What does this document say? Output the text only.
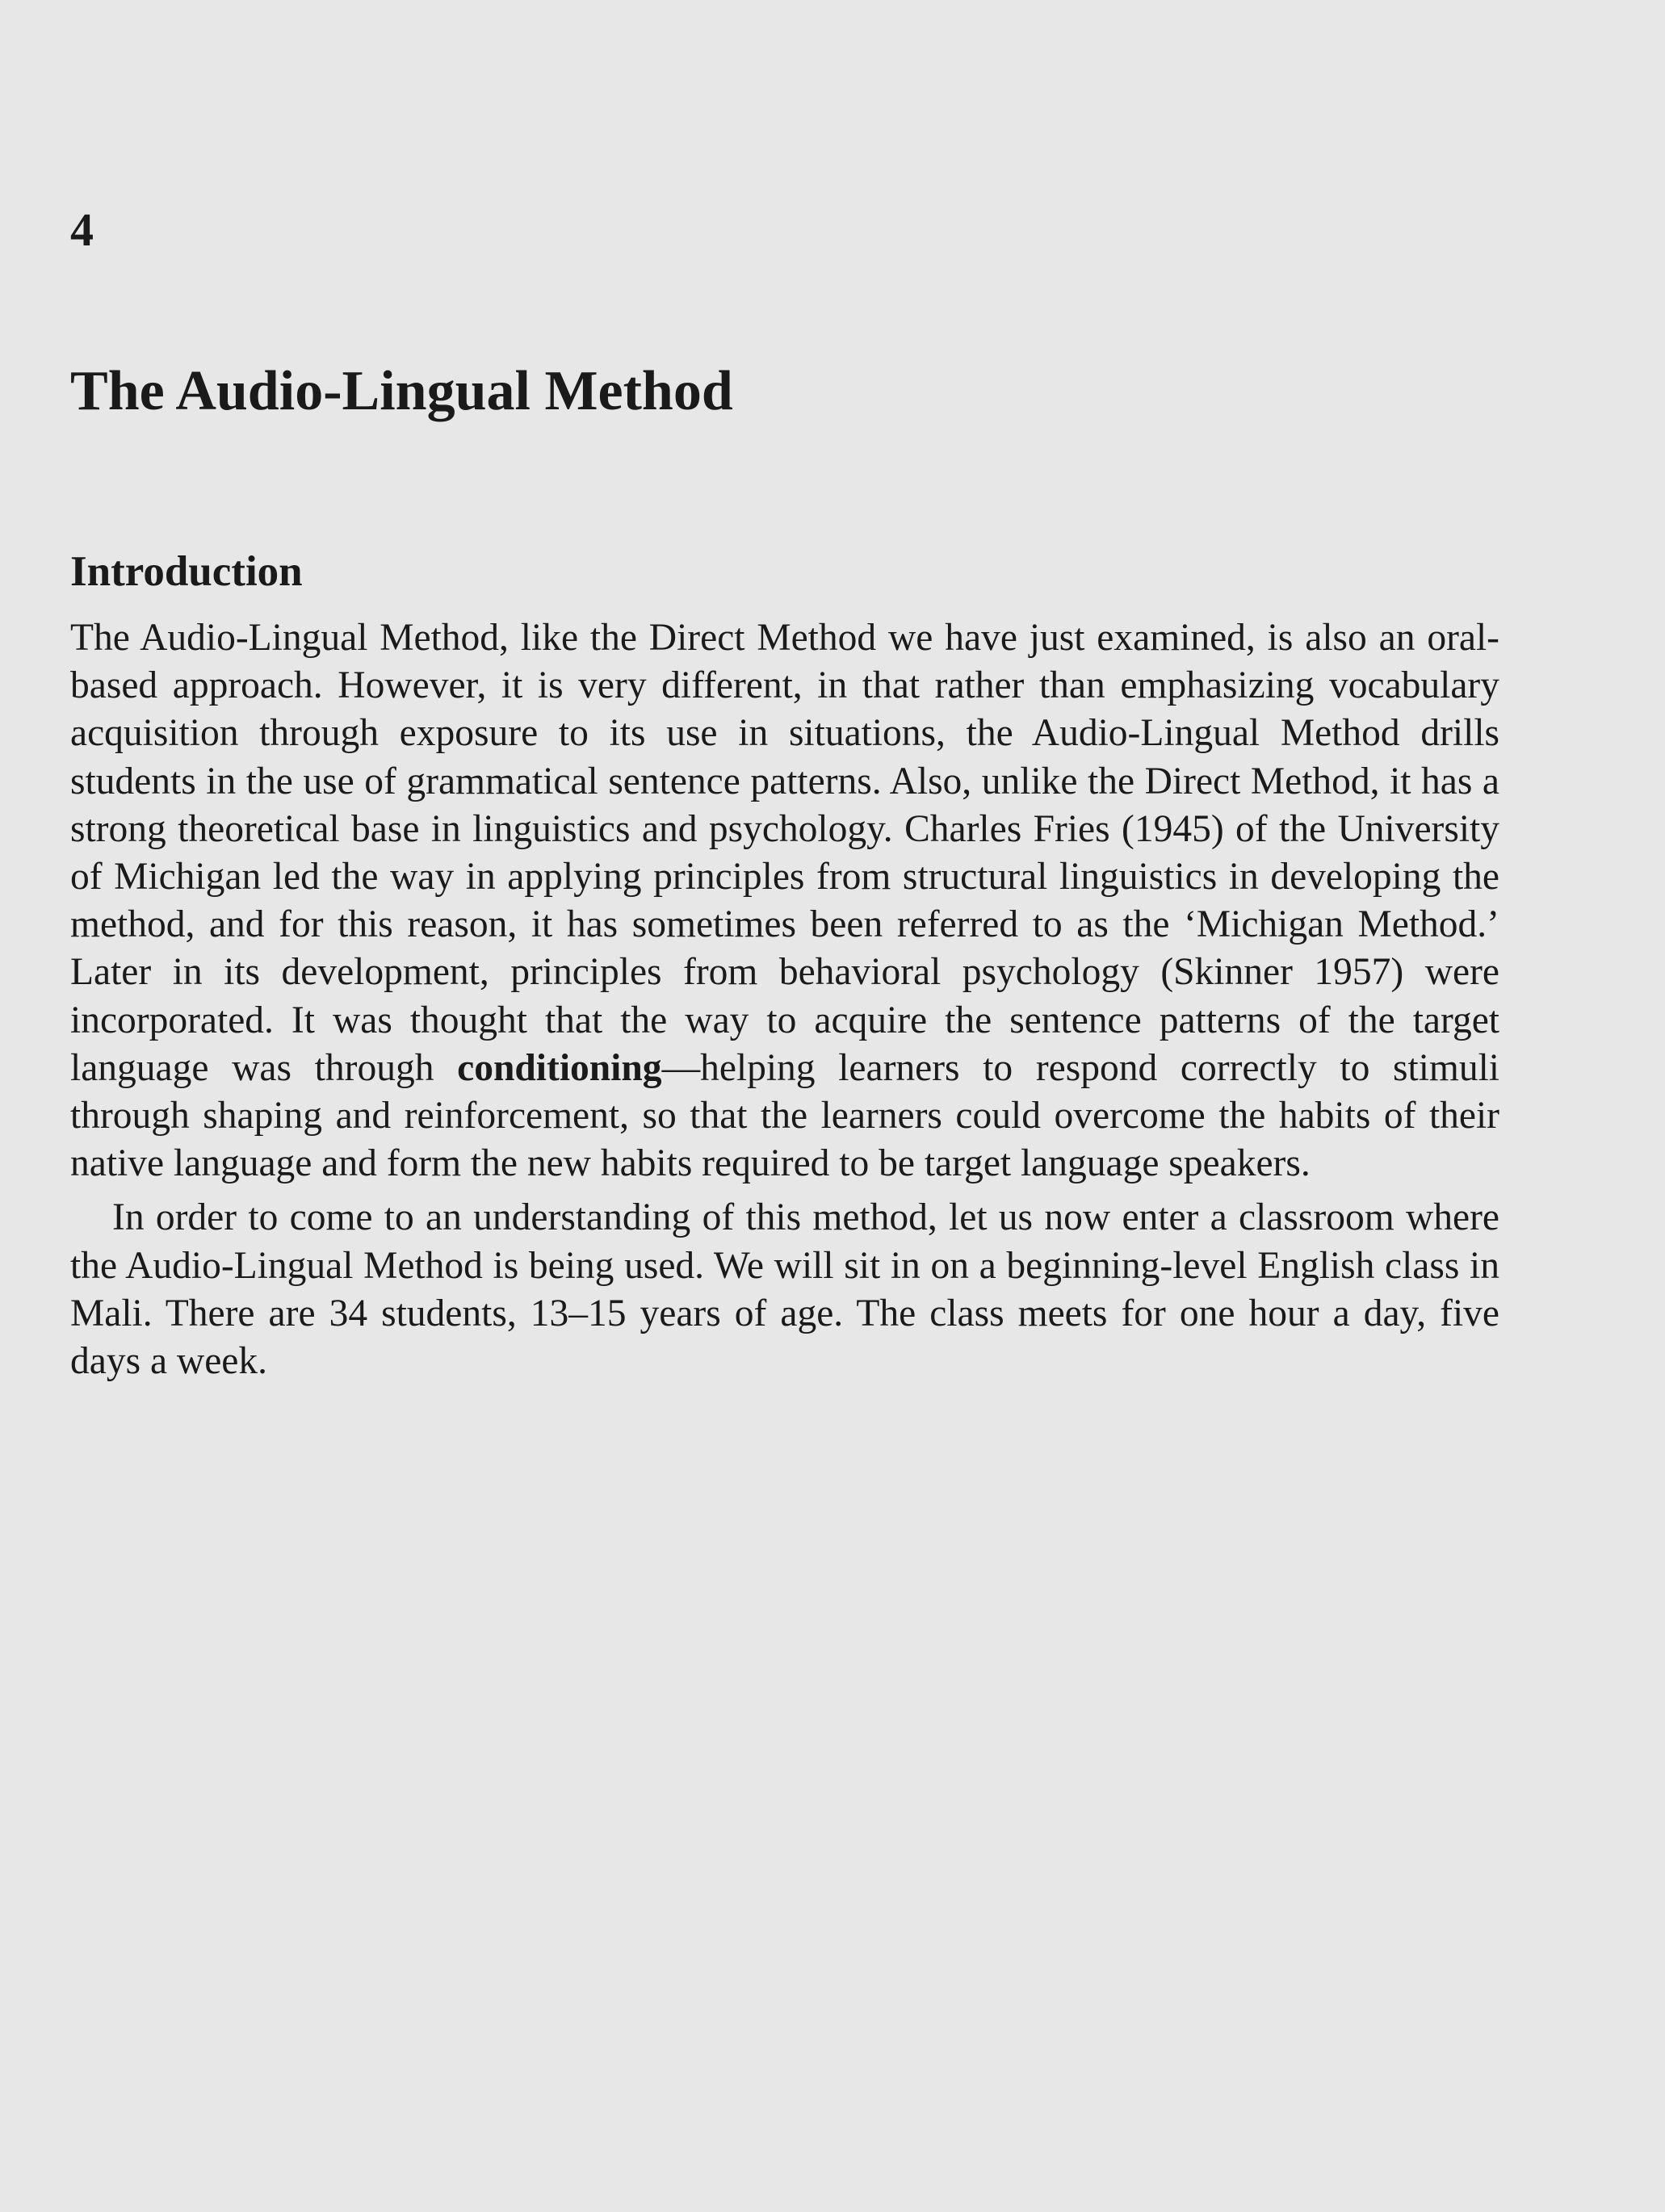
4
The Audio-Lingual Method
Introduction

The Audio-Lingual Method, like the Direct Method we have just examined, is also an oral-based approach. However, it is very different, in that rather than emphasizing vocabulary acquisition through exposure to its use in situations, the Audio-Lingual Method drills students in the use of grammatical sentence patterns. Also, unlike the Direct Method, it has a strong theoretical base in linguistics and psychology. Charles Fries (1945) of the University of Michigan led the way in applying principles from structural linguistics in developing the method, and for this reason, it has sometimes been referred to as the ‘Michigan Method.’ Later in its development, principles from behavioral psychology (Skinner 1957) were incorporated. It was thought that the way to acquire the sentence patterns of the target language was through conditioning—helping learners to respond correctly to stimuli through shaping and reinforcement, so that the learners could overcome the habits of their native language and form the new habits required to be target language speakers.

In order to come to an understanding of this method, let us now enter a classroom where the Audio-Lingual Method is being used. We will sit in on a beginning-level English class in Mali. There are 34 students, 13–15 years of age. The class meets for one hour a day, five days a week.
